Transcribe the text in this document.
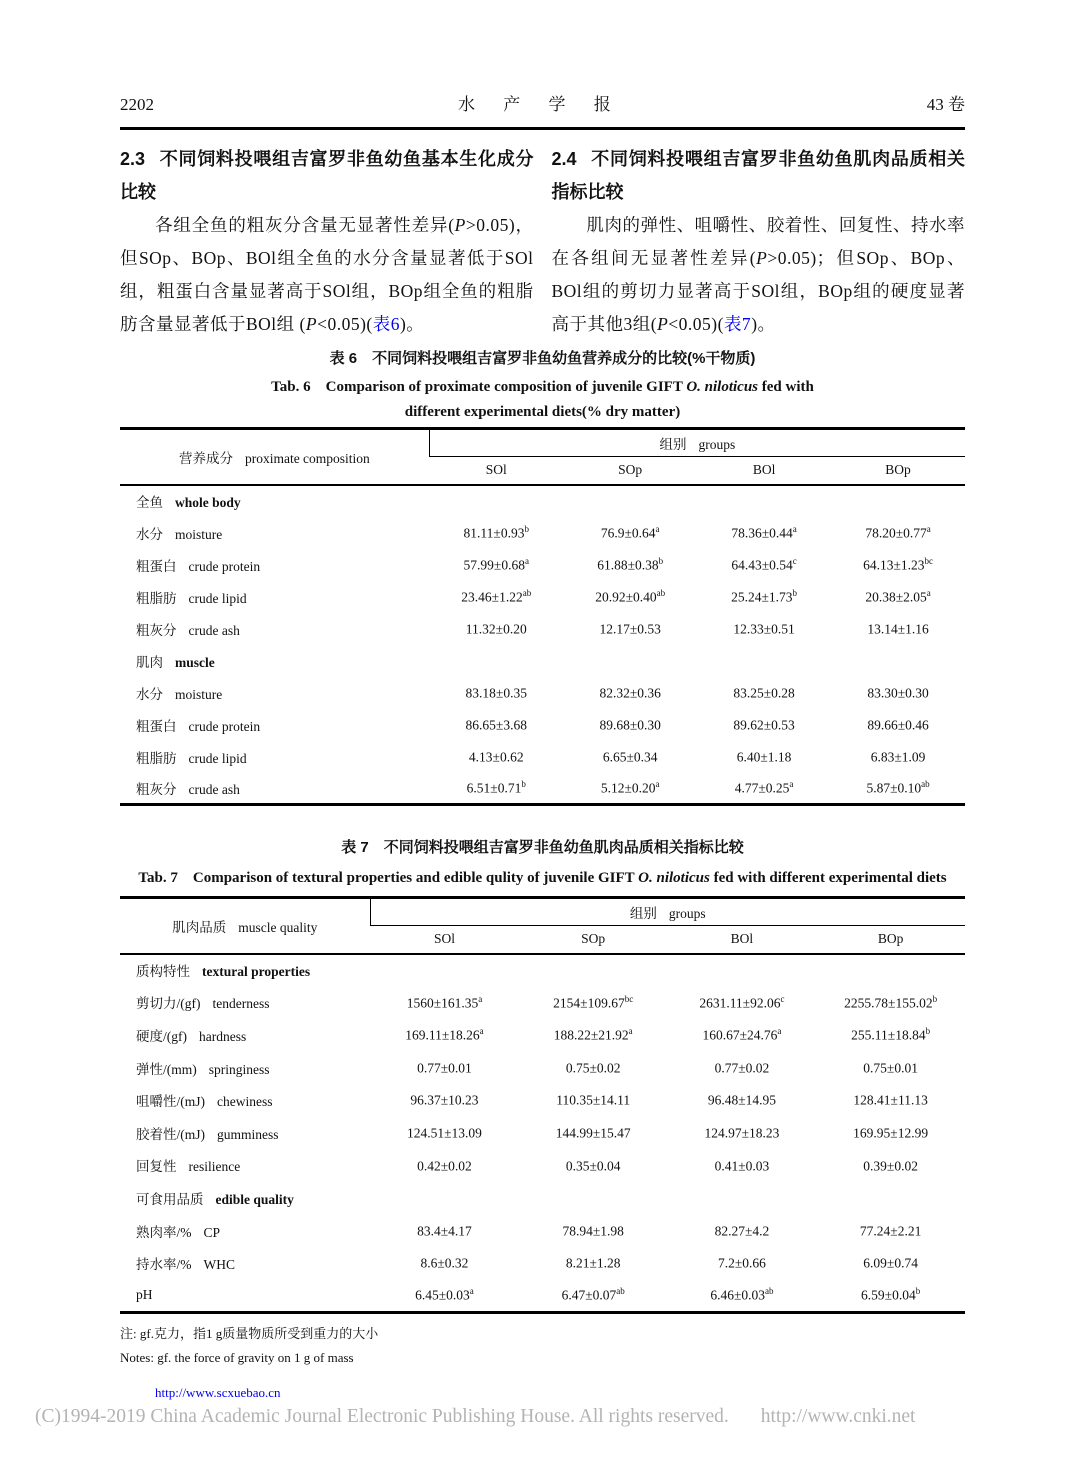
2202	水 产 学 报	43 卷
2.3 不同饲料投喂组吉富罗非鱼幼鱼基本生化成分比较

各组全鱼的粗灰分含量无显著性差异(P>0.05)，但SOp、BOp、BOl组全鱼的水分含量显著低于SOl组，粗蛋白含量显著高于SOl组，BOp组全鱼的粗脂肪含量显著低于BOl组 (P<0.05)(表6)。

2.4 不同饲料投喂组吉富罗非鱼幼鱼肌肉品质相关指标比较

肌肉的弹性、咀嚼性、胶着性、回复性、持水率在各组间无显著性差异(P>0.05)；但SOp、BOp、BOl组的剪切力显著高于SOl组，BOp组的硬度显著高于其他3组(P<0.05)(表7)。

表 6　不同饲料投喂组吉富罗非鱼幼鱼营养成分的比较(%干物质)
Tab. 6　Comparison of proximate composition of juvenile GIFT O. niloticus fed with
different experimental diets(% dry matter)
营养成分 proximate composition	组别 groups			
	SOl	SOp	BOl	BOp
全鱼 whole body				
水分 moisture	81.11±0.93$^b$	76.9±0.64$^a$	78.36±0.44$^a$	78.20±0.77$^a$
粗蛋白 crude protein	57.99±0.68$^a$	61.88±0.38$^b$	64.43±0.54$^c$	64.13±1.23$^{bc}$
粗脂肪 crude lipid	23.46±1.22$^{ab}$	20.92±0.40$^{ab}$	25.24±1.73$^b$	20.38±2.05$^a$
粗灰分 crude ash	11.32±0.20	12.17±0.53	12.33±0.51	13.14±1.16
肌肉 muscle				
水分 moisture	83.18±0.35	82.32±0.36	83.25±0.28	83.30±0.30
粗蛋白 crude protein	86.65±3.68	89.68±0.30	89.62±0.53	89.66±0.46
粗脂肪 crude lipid	4.13±0.62	6.65±0.34	6.40±1.18	6.83±1.09
粗灰分 crude ash	6.51±0.71$^b$	5.12±0.20$^a$	4.77±0.25$^a$	5.87±0.10$^{ab}$
表 7　不同饲料投喂组吉富罗非鱼幼鱼肌肉品质相关指标比较
Tab. 7　Comparison of textural properties and edible qulity of juvenile GIFT O. niloticus fed with different experimental diets
肌肉品质 muscle quality	组别 groups			
	SOl	SOp	BOl	BOp
质构特性 textural properties				
剪切力/(gf) tenderness	1560±161.35$^a$	2154±109.67$^{bc}$	2631.11±92.06$^c$	2255.78±155.02$^b$
硬度/(gf) hardness	169.11±18.26$^a$	188.22±21.92$^a$	160.67±24.76$^a$	255.11±18.84$^b$
弹性/(mm) springiness	0.77±0.01	0.75±0.02	0.77±0.02	0.75±0.01
咀嚼性/(mJ) chewiness	96.37±10.23	110.35±14.11	96.48±14.95	128.41±11.13
胶着性/(mJ) gumminess	124.51±13.09	144.99±15.47	124.97±18.23	169.95±12.99
回复性 resilience	0.42±0.02	0.35±0.04	0.41±0.03	0.39±0.02
可食用品质 edible quality				
熟肉率/% CP	83.4±4.17	78.94±1.98	82.27±4.2	77.24±2.21
持水率/% WHC	8.6±0.32	8.21±1.28	7.2±0.66	6.09±0.74
pH	6.45±0.03$^a$	6.47±0.07$^{ab}$	6.46±0.03$^{ab}$	6.59±0.04$^b$
注: gf.克力，指1 g质量物质所受到重力的大小
Notes: gf. the force of gravity on 1 g of mass
http://www.scxuebao.cn
(C)1994-2019 China Academic Journal Electronic Publishing House. All rights reserved. http://www.cnki.net
